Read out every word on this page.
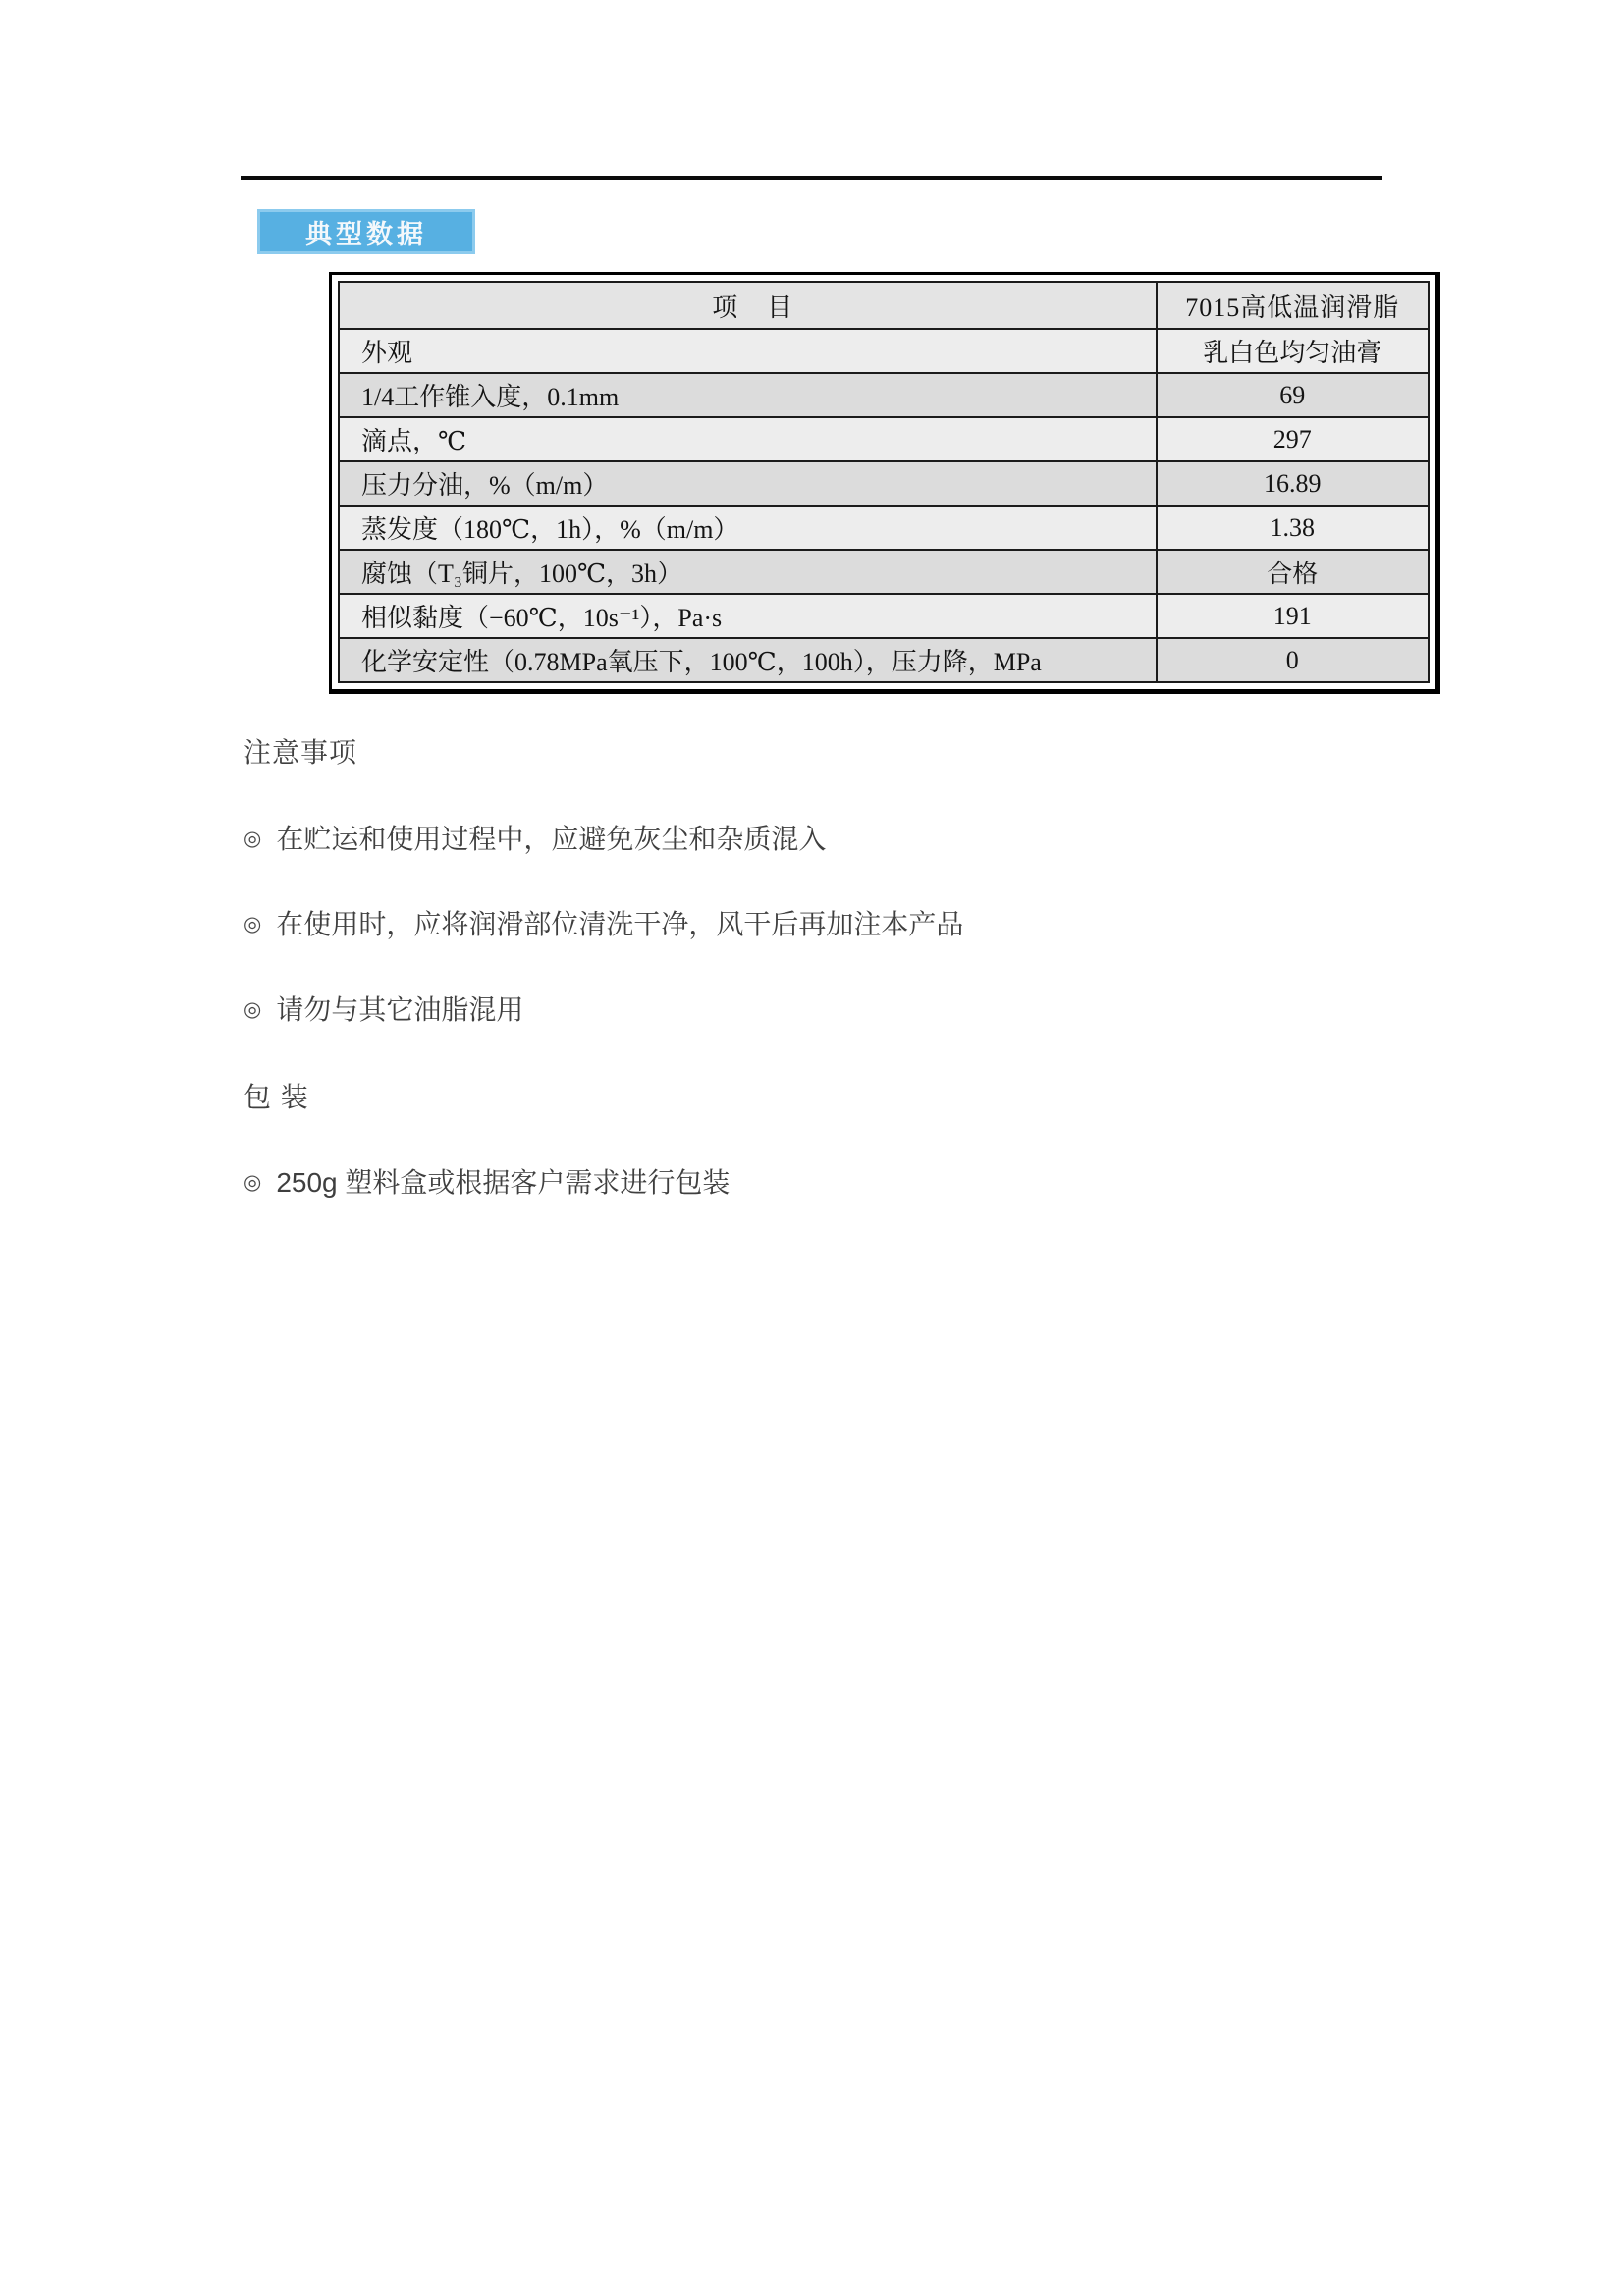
典型数据
项　目	7015高低温润滑脂
外观	乳白色均匀油膏
1/4工作锥入度，0.1mm	69
滴点，℃	297
压力分油，%（m/m）	16.89
蒸发度（180℃，1h），%（m/m）	1.38
腐蚀（T₃铜片，100℃，3h）	合格
相似黏度（−60℃，10s⁻¹），Pa·s	191
化学安定性（0.78MPa氧压下，100℃，100h），压力降，MPa	0
注意事项
◎ 在贮运和使用过程中，应避免灰尘和杂质混入
◎ 在使用时，应将润滑部位清洗干净，风干后再加注本产品
◎ 请勿与其它油脂混用
包 装
◎ 250g 塑料盒或根据客户需求进行包装
